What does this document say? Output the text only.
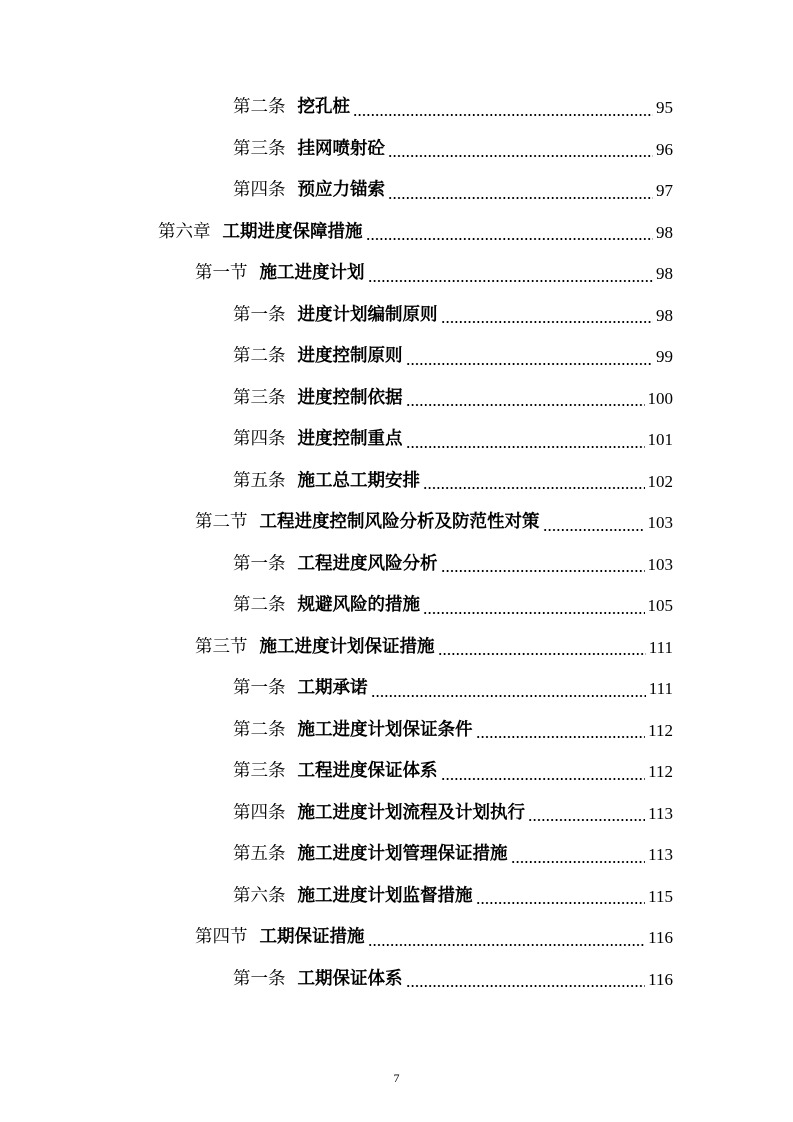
第二条 挖孔桩	95
第三条 挂网喷射砼	96
第四条 预应力锚索	97
第六章 工期进度保障措施	98
第一节 施工进度计划	98
第一条 进度计划编制原则	98
第二条 进度控制原则	99
第三条 进度控制依据	100
第四条 进度控制重点	101
第五条 施工总工期安排	102
第二节 工程进度控制风险分析及防范性对策	103
第一条 工程进度风险分析	103
第二条 规避风险的措施	105
第三节 施工进度计划保证措施	111
第一条 工期承诺	111
第二条 施工进度计划保证条件	112
第三条 工程进度保证体系	112
第四条 施工进度计划流程及计划执行	113
第五条 施工进度计划管理保证措施	113
第六条 施工进度计划监督措施	115
第四节 工期保证措施	116
第一条 工期保证体系	116
7
